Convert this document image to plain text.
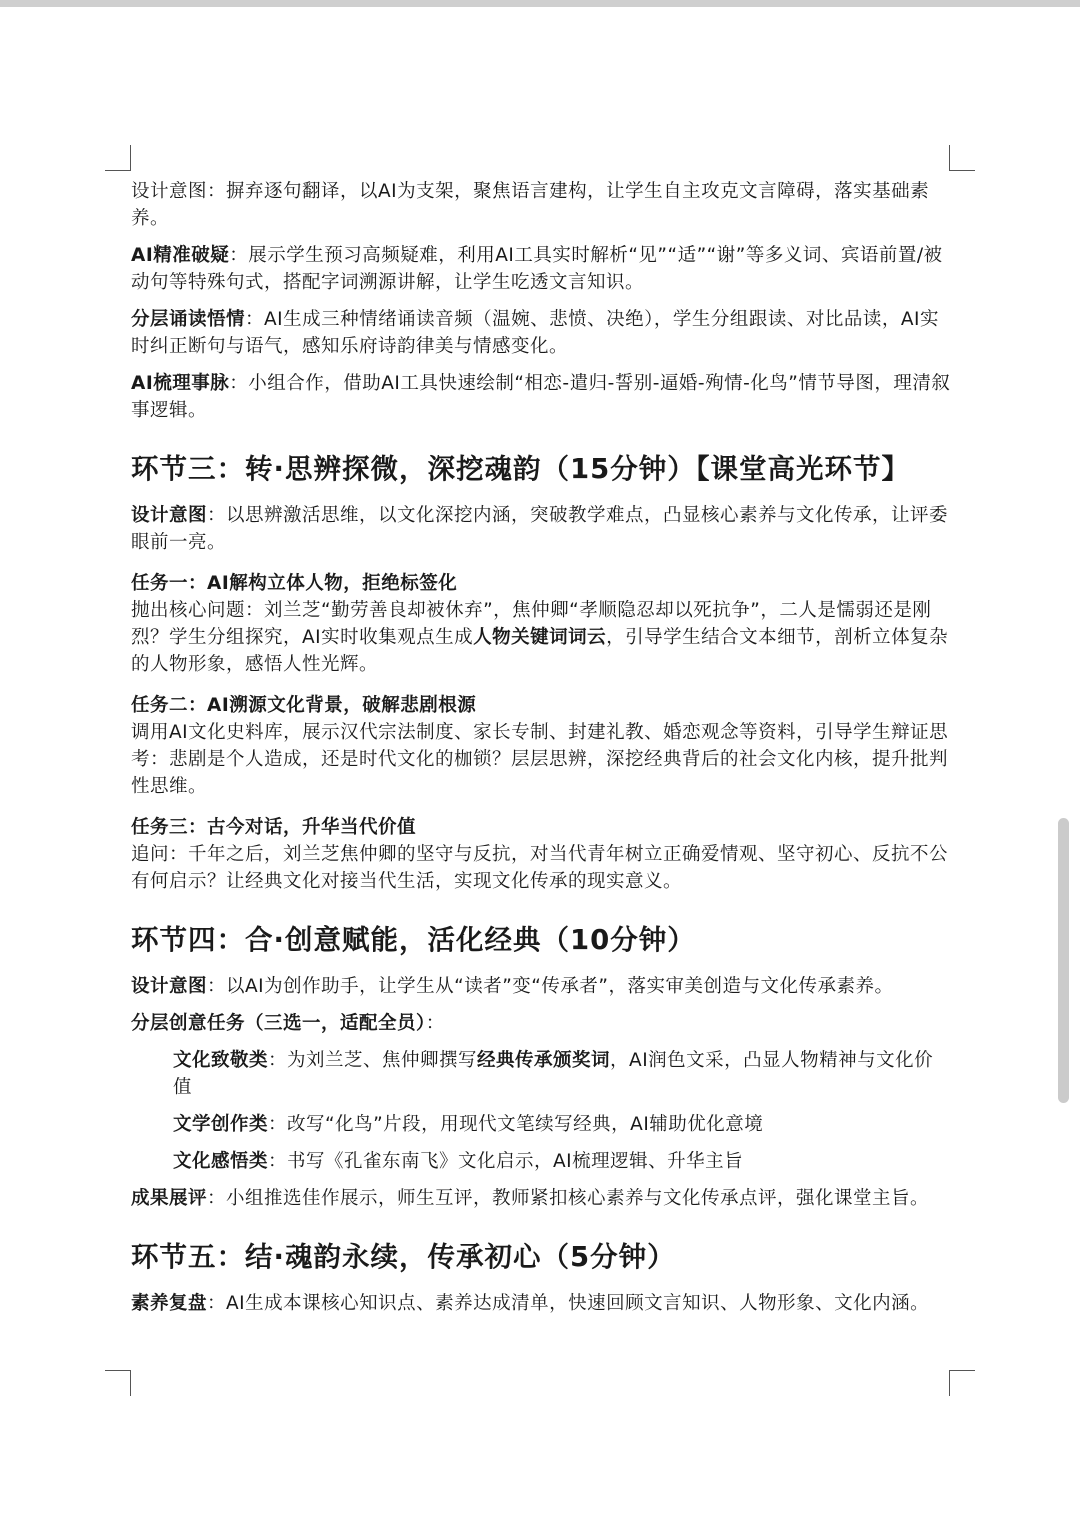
设计意图：摒弃逐句翻译，以AI为支架，聚焦语言建构，让学生自主攻克文言障碍，落实基础素养。

AI精准破疑：展示学生预习高频疑难，利用AI工具实时解析“见”“适”“谢”等多义词、宾语前置/被动句等特殊句式，搭配字词溯源讲解，让学生吃透文言知识。

分层诵读悟情：AI生成三种情绪诵读音频（温婉、悲愤、决绝），学生分组跟读、对比品读，AI实时纠正断句与语气，感知乐府诗韵律美与情感变化。

AI梳理事脉：小组合作，借助AI工具快速绘制“相恋-遣归-誓别-逼婚-殉情-化鸟”情节导图，理清叙事逻辑。

环节三：转·思辨探微，深挖魂韵（15分钟）【课堂高光环节】

设计意图：以思辨激活思维，以文化深挖内涵，突破教学难点，凸显核心素养与文化传承，让评委眼前一亮。

任务一：AI解构立体人物，拒绝标签化

抛出核心问题：刘兰芝“勤劳善良却被休弃”，焦仲卿“孝顺隐忍却以死抗争”，二人是懦弱还是刚烈？学生分组探究，AI实时收集观点生成人物关键词词云，引导学生结合文本细节，剖析立体复杂的人物形象，感悟人性光辉。

任务二：AI溯源文化背景，破解悲剧根源

调用AI文化史料库，展示汉代宗法制度、家长专制、封建礼教、婚恋观念等资料，引导学生辩证思考：悲剧是个人造成，还是时代文化的枷锁？层层思辨，深挖经典背后的社会文化内核，提升批判性思维。

任务三：古今对话，升华当代价值

追问：千年之后，刘兰芝焦仲卿的坚守与反抗，对当代青年树立正确爱情观、坚守初心、反抗不公有何启示？让经典文化对接当代生活，实现文化传承的现实意义。

环节四：合·创意赋能，活化经典（10分钟）

设计意图：以AI为创作助手，让学生从“读者”变“传承者”，落实审美创造与文化传承素养。

分层创意任务（三选一，适配全员）：

文化致敬类：为刘兰芝、焦仲卿撰写经典传承颁奖词，AI润色文采，凸显人物精神与文化价值

文学创作类：改写“化鸟”片段，用现代文笔续写经典，AI辅助优化意境

文化感悟类：书写《孔雀东南飞》文化启示，AI梳理逻辑、升华主旨

成果展评：小组推选佳作展示，师生互评，教师紧扣核心素养与文化传承点评，强化课堂主旨。

环节五：结·魂韵永续，传承初心（5分钟）

素养复盘：AI生成本课核心知识点、素养达成清单，快速回顾文言知识、人物形象、文化内涵。
